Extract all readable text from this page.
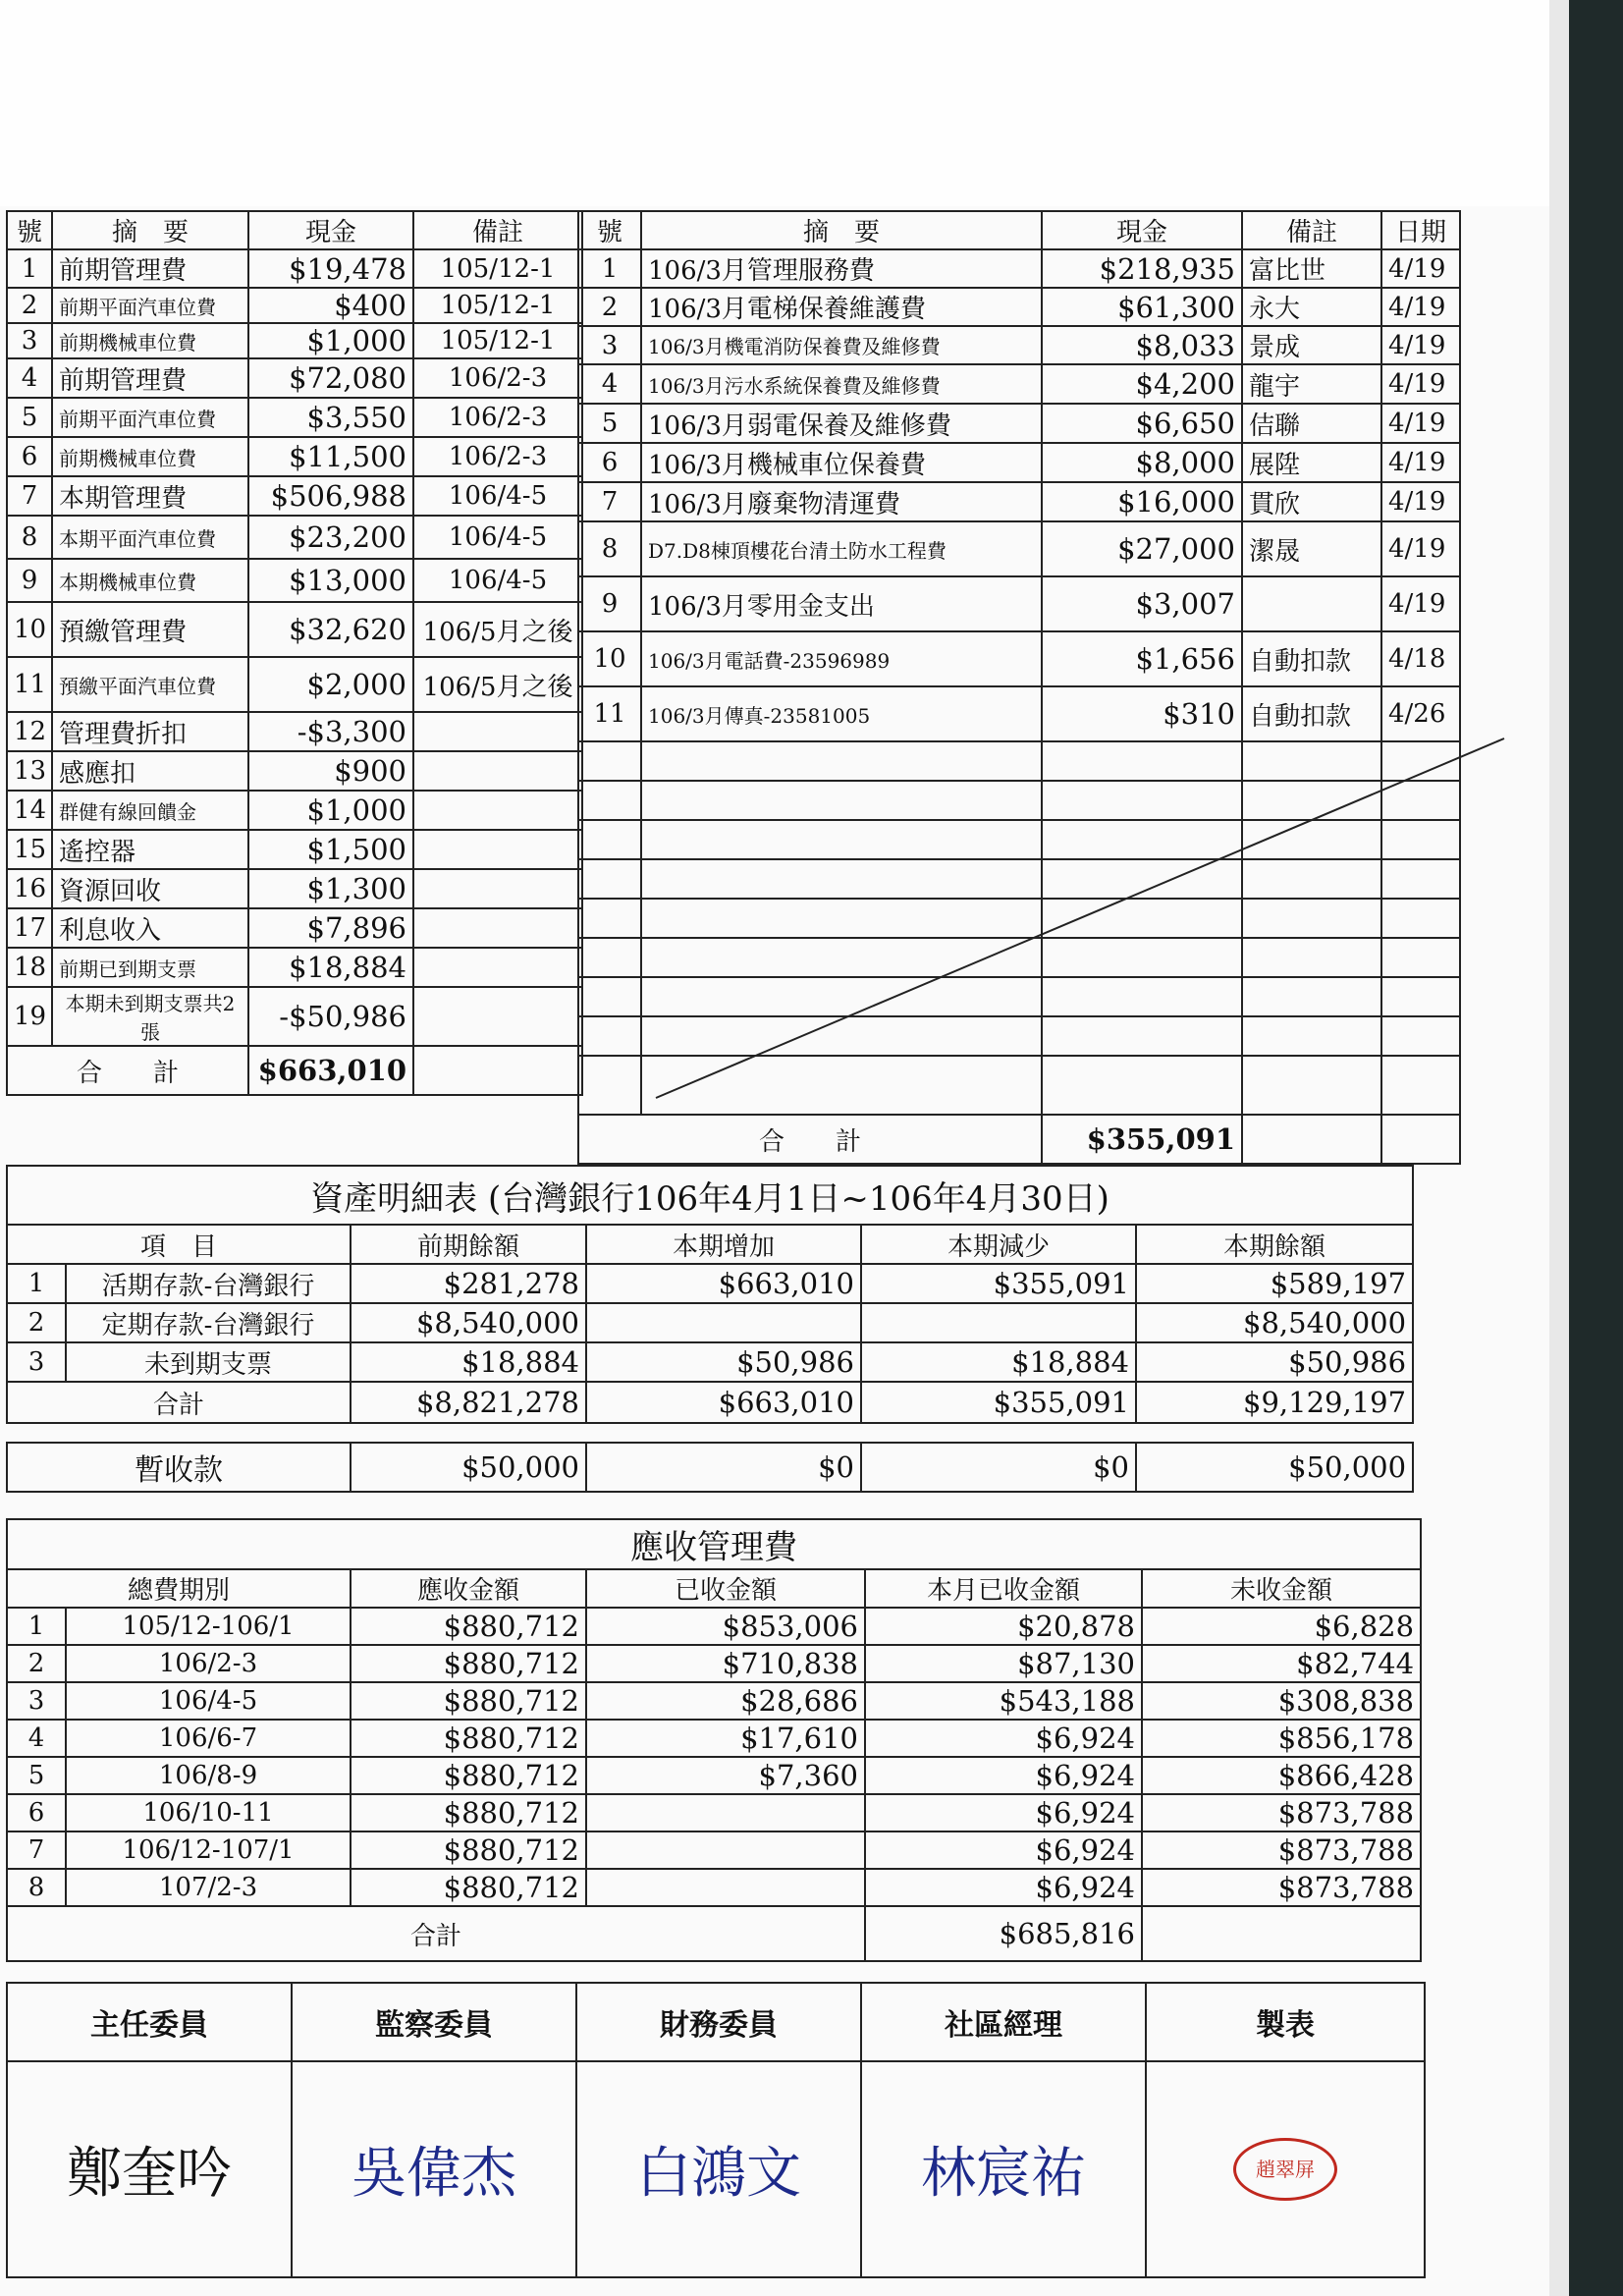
號	摘　要	現金	備註
1	前期管理費	$19,478	105/12-1
2	前期平面汽車位費	$400	105/12-1
3	前期機械車位費	$1,000	105/12-1
4	前期管理費	$72,080	106/2-3
5	前期平面汽車位費	$3,550	106/2-3
6	前期機械車位費	$11,500	106/2-3
7	本期管理費	$506,988	106/4-5
8	本期平面汽車位費	$23,200	106/4-5
9	本期機械車位費	$13,000	106/4-5
10	預繳管理費	$32,620	106/5月之後
11	預繳平面汽車位費	$2,000	106/5月之後
12	管理費折扣	-$3,300	
13	感應扣	$900	
14	群健有線回饋金	$1,000	
15	遙控器	$1,500	
16	資源回收	$1,300	
17	利息收入	$7,896	
18	前期已到期支票	$18,884	
19	本期未到期支票共2張	-$50,986	
合　　計		$663,010	
號	摘　要	現金	備註	日期
1	106/3月管理服務費	$218,935	富比世	4/19
2	106/3月電梯保養維護費	$61,300	永大	4/19
3	106/3月機電消防保養費及維修費	$8,033	景成	4/19
4	106/3月污水系統保養費及維修費	$4,200	龍宇	4/19
5	106/3月弱電保養及維修費	$6,650	佶聯	4/19
6	106/3月機械車位保養費	$8,000	展陞	4/19
7	106/3月廢棄物清運費	$16,000	貫欣	4/19
8	D7.D8棟頂樓花台清土防水工程費	$27,000	潔晟	4/19
9	106/3月零用金支出	$3,007		4/19
10	106/3月電話費-23596989	$1,656	自動扣款	4/18
11	106/3月傳真-23581005	$310	自動扣款	4/26

合　　計		$355,091		
資產明細表 (台灣銀行106年4月1日~106年4月30日)					
項　目		前期餘額	本期增加	本期減少	本期餘額
1	活期存款-台灣銀行	$281,278	$663,010	$355,091	$589,197
2	定期存款-台灣銀行	$8,540,000			$8,540,000
3	未到期支票	$18,884	$50,986	$18,884	$50,986
合計		$8,821,278	$663,010	$355,091	$9,129,197

暫收款		$50,000	$0	$0	$50,000
應收管理費					
總費期別		應收金額	已收金額	本月已收金額	未收金額
1	105/12-106/1	$880,712	$853,006	$20,878	$6,828
2	106/2-3	$880,712	$710,838	$87,130	$82,744
3	106/4-5	$880,712	$28,686	$543,188	$308,838
4	106/6-7	$880,712	$17,610	$6,924	$856,178
5	106/8-9	$880,712	$7,360	$6,924	$866,428
6	106/10-11	$880,712		$6,924	$873,788
7	106/12-107/1	$880,712		$6,924	$873,788
8	107/2-3	$880,712		$6,924	$873,788
合計				$685,816	
主任委員	監察委員	財務委員	社區經理	製表
鄭奎吟	吳偉杰	白鴻文	林宸祐	趙翠屏
